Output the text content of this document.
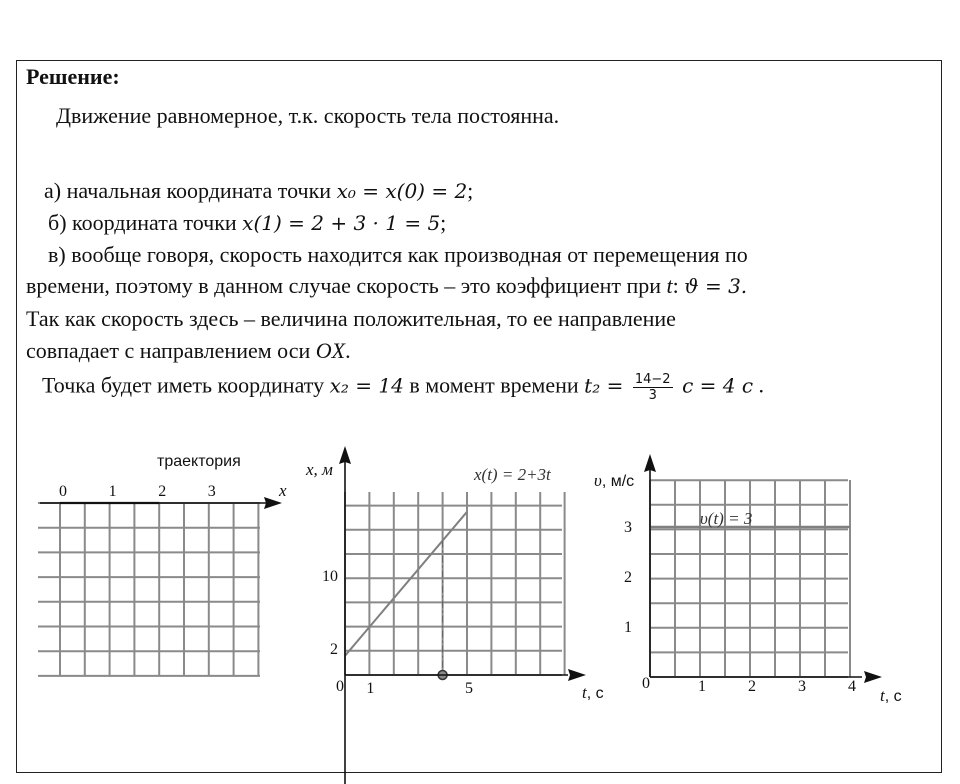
Решение:
Движение равномерное, т.к. скорость тела постоянна.
а) начальная координата точки x₀ = x(0) = 2;
б) координата точки x(1) = 2 + 3 · 1 = 5;
в) вообще говоря, скорость находится как производная от перемещения по
времени, поэтому в данном случае скорость – это коэффициент при t: ϑ = 3.
Так как скорость здесь – величина положительная, то ее направление
совпадает с направлением оси OX.
Точка будет иметь координату x₂ = 14 в момент времени $t_2 = \frac{14-2}{3}$ c = 4 c .
траектория
x
0	1	2	3
x, м
t, с
x(t) = 2+3t
0 1	5
2
10
υ, м/с
t, с
υ(t) = 3
0	1	2	3	4
1
2
3
